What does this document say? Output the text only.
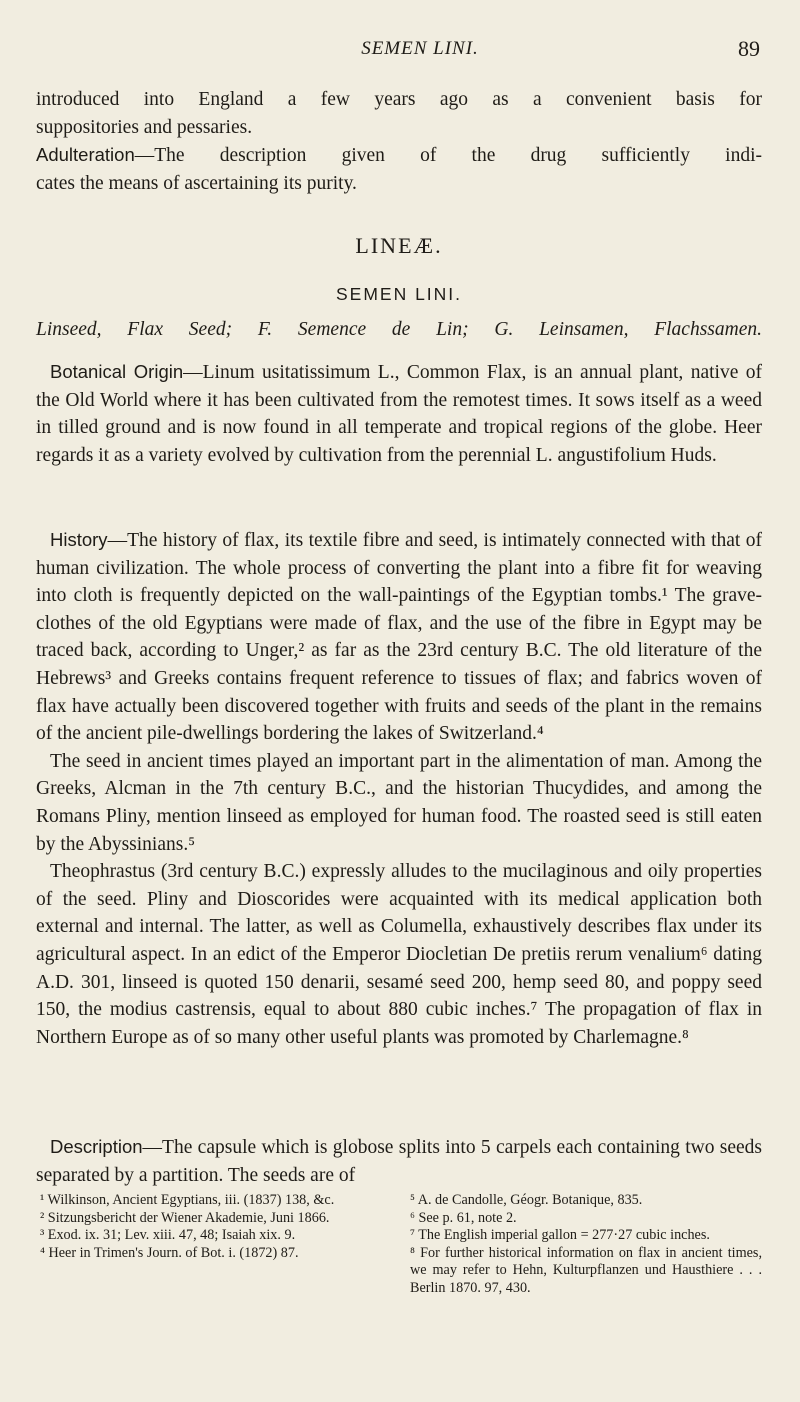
SEMEN LINI.	89

introduced into England a few years ago as a convenient basis for

suppositories and pessaries.

Adulteration—The description given of the drug sufficiently indi-

cates the means of ascertaining its purity.

LINEÆ.
SEMEN LINI.

Linseed, Flax Seed; F. Semence de Lin; G. Leinsamen, Flachssamen.

Botanical Origin—Linum usitatissimum L., Common Flax, is an annual plant, native of the Old World where it has been cultivated from the remotest times. It sows itself as a weed in tilled ground and is now found in all temperate and tropical regions of the globe. Heer regards it as a variety evolved by cultivation from the perennial L. angustifolium Huds.

History—The history of flax, its textile fibre and seed, is intimately connected with that of human civilization. The whole process of converting the plant into a fibre fit for weaving into cloth is frequently depicted on the wall-paintings of the Egyptian tombs.¹ The grave-clothes of the old Egyptians were made of flax, and the use of the fibre in Egypt may be traced back, according to Unger,² as far as the 23rd century B.C. The old literature of the Hebrews³ and Greeks contains frequent reference to tissues of flax; and fabrics woven of flax have actually been discovered together with fruits and seeds of the plant in the remains of the ancient pile-dwellings bordering the lakes of Switzerland.⁴

The seed in ancient times played an important part in the alimentation of man. Among the Greeks, Alcman in the 7th century B.C., and the historian Thucydides, and among the Romans Pliny, mention linseed as employed for human food. The roasted seed is still eaten by the Abyssinians.⁵

Theophrastus (3rd century B.C.) expressly alludes to the mucilaginous and oily properties of the seed. Pliny and Dioscorides were acquainted with its medical application both external and internal. The latter, as well as Columella, exhaustively describes flax under its agricultural aspect. In an edict of the Emperor Diocletian De pretiis rerum venalium⁶ dating A.D. 301, linseed is quoted 150 denarii, sesamé seed 200, hemp seed 80, and poppy seed 150, the modius castrensis, equal to about 880 cubic inches.⁷ The propagation of flax in Northern Europe as of so many other useful plants was promoted by Charlemagne.⁸

Description—The capsule which is globose splits into 5 carpels each containing two seeds separated by a partition. The seeds are of

¹ Wilkinson, Ancient Egyptians, iii. (1837) 138, &c.

² Sitzungsbericht der Wiener Akademie, Juni 1866.

³ Exod. ix. 31; Lev. xiii. 47, 48; Isaiah xix. 9.

⁴ Heer in Trimen's Journ. of Bot. i. (1872) 87.

⁵ A. de Candolle, Géogr. Botanique, 835.

⁶ See p. 61, note 2.

⁷ The English imperial gallon = 277·27 cubic inches.

⁸ For further historical information on flax in ancient times, we may refer to Hehn, Kulturpflanzen und Hausthiere . . . Berlin 1870. 97, 430.
